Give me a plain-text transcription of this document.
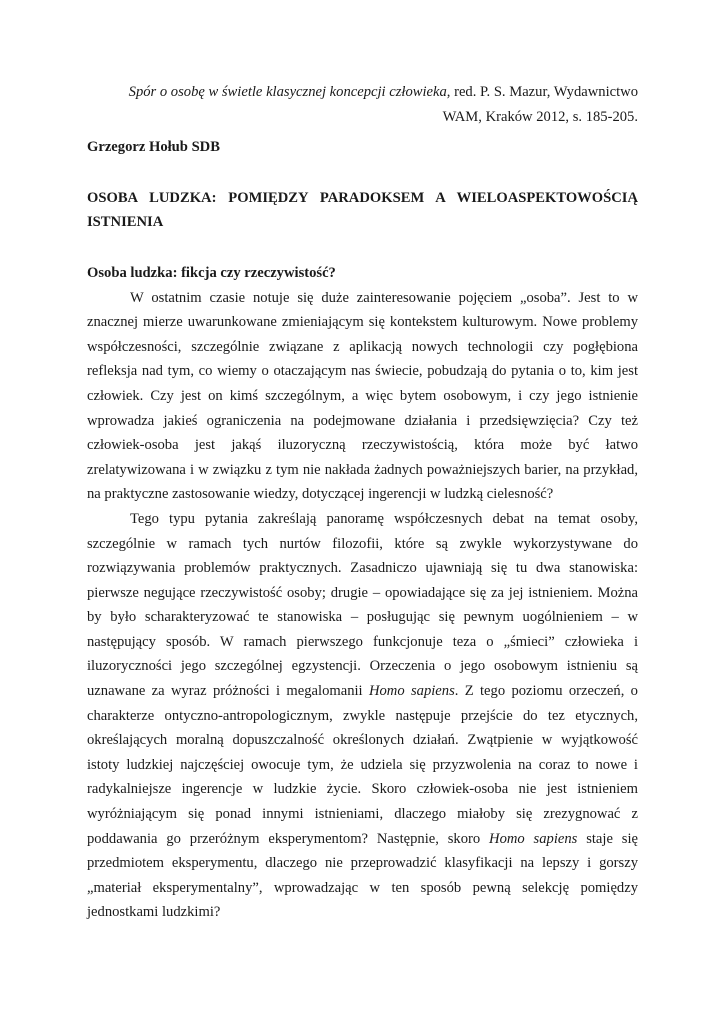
Spór o osobę w świetle klasycznej koncepcji człowieka, red. P. S. Mazur, Wydawnictwo WAM, Kraków 2012, s. 185-205.

Grzegorz Hołub SDB

OSOBA LUDZKA: POMIĘDZY PARADOKSEM A WIELOASPEKTOWOŚCIĄ ISTNIENIA

Osoba ludzka: fikcja czy rzeczywistość?

W ostatnim czasie notuje się duże zainteresowanie pojęciem „osoba”. Jest to w znacznej mierze uwarunkowane zmieniającym się kontekstem kulturowym. Nowe problemy współczesności, szczególnie związane z aplikacją nowych technologii czy pogłębiona refleksja nad tym, co wiemy o otaczającym nas świecie, pobudzają do pytania o to, kim jest człowiek. Czy jest on kimś szczególnym, a więc bytem osobowym, i czy jego istnienie wprowadza jakieś ograniczenia na podejmowane działania i przedsięwzięcia? Czy też człowiek-osoba jest jakąś iluzoryczną rzeczywistością, która może być łatwo zrelatywizowana i w związku z tym nie nakłada żadnych poważniejszych barier, na przykład, na praktyczne zastosowanie wiedzy, dotyczącej ingerencji w ludzką cielesność?

Tego typu pytania zakreślają panoramę współczesnych debat na temat osoby, szczególnie w ramach tych nurtów filozofii, które są zwykle wykorzystywane do rozwiązywania problemów praktycznych. Zasadniczo ujawniają się tu dwa stanowiska: pierwsze negujące rzeczywistość osoby; drugie – opowiadające się za jej istnieniem. Można by było scharakteryzować te stanowiska – posługując się pewnym uogólnieniem – w następujący sposób. W ramach pierwszego funkcjonuje teza o „śmieci” człowieka i iluzoryczności jego szczególnej egzystencji. Orzeczenia o jego osobowym istnieniu są uznawane za wyraz próżności i megalomanii Homo sapiens. Z tego poziomu orzeczeń, o charakterze ontyczno-antropologicznym, zwykle następuje przejście do tez etycznych, określających moralną dopuszczalność określonych działań. Zwątpienie w wyjątkowość istoty ludzkiej najczęściej owocuje tym, że udziela się przyzwolenia na coraz to nowe i radykalniejsze ingerencje w ludzkie życie. Skoro człowiek-osoba nie jest istnieniem wyróżniającym się ponad innymi istnieniami, dlaczego miałoby się zrezygnować z poddawania go przeróżnym eksperymentom? Następnie, skoro Homo sapiens staje się przedmiotem eksperymentu, dlaczego nie przeprowadzić klasyfikacji na lepszy i gorszy „materiał eksperymentalny”, wprowadzając w ten sposób pewną selekcję pomiędzy jednostkami ludzkimi?
